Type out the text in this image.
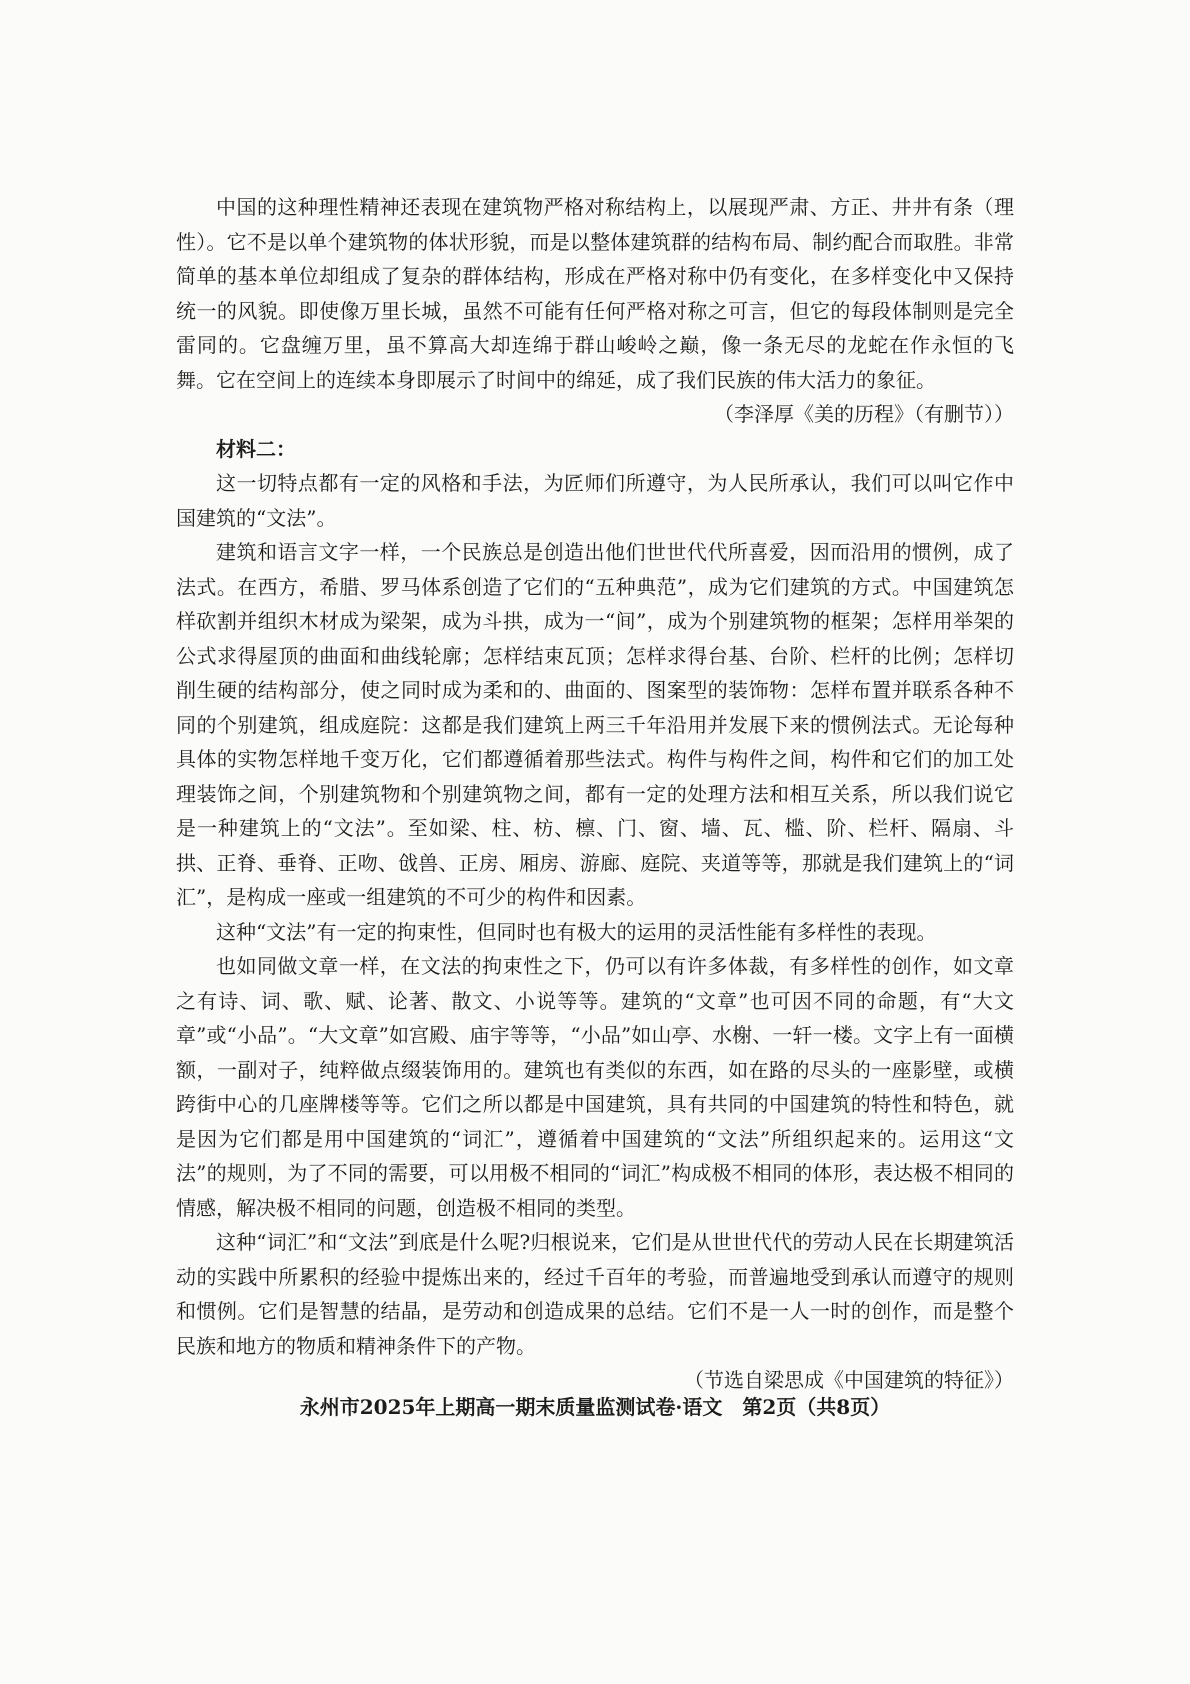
中国的这种理性精神还表现在建筑物严格对称结构上，以展现严肃、方正、井井有条（理性）。它不是以单个建筑物的体状形貌，而是以整体建筑群的结构布局、制约配合而取胜。非常简单的基本单位却组成了复杂的群体结构，形成在严格对称中仍有变化，在多样变化中又保持统一的风貌。即使像万里长城，虽然不可能有任何严格对称之可言，但它的每段体制则是完全雷同的。它盘缠万里，虽不算高大却连绵于群山峻岭之巅，像一条无尽的龙蛇在作永恒的飞舞。它在空间上的连续本身即展示了时间中的绵延，成了我们民族的伟大活力的象征。

（李泽厚《美的历程》（有删节））

材料二：

这一切特点都有一定的风格和手法，为匠师们所遵守，为人民所承认，我们可以叫它作中国建筑的“文法”。

建筑和语言文字一样，一个民族总是创造出他们世世代代所喜爱，因而沿用的惯例，成了法式。在西方，希腊、罗马体系创造了它们的“五种典范”，成为它们建筑的方式。中国建筑怎样砍割并组织木材成为梁架，成为斗拱，成为一“间”，成为个别建筑物的框架；怎样用举架的公式求得屋顶的曲面和曲线轮廓；怎样结束瓦顶；怎样求得台基、台阶、栏杆的比例；怎样切削生硬的结构部分，使之同时成为柔和的、曲面的、图案型的装饰物：怎样布置并联系各种不同的个别建筑，组成庭院：这都是我们建筑上两三千年沿用并发展下来的惯例法式。无论每种具体的实物怎样地千变万化，它们都遵循着那些法式。构件与构件之间，构件和它们的加工处理装饰之间，个别建筑物和个别建筑物之间，都有一定的处理方法和相互关系，所以我们说它是一种建筑上的“文法”。至如梁、柱、枋、檩、门、窗、墙、瓦、槛、阶、栏杆、隔扇、斗拱、正脊、垂脊、正吻、戗兽、正房、厢房、游廊、庭院、夹道等等，那就是我们建筑上的“词汇”，是构成一座或一组建筑的不可少的构件和因素。

这种“文法”有一定的拘束性，但同时也有极大的运用的灵活性能有多样性的表现。

也如同做文章一样，在文法的拘束性之下，仍可以有许多体裁，有多样性的创作，如文章之有诗、词、歌、赋、论著、散文、小说等等。建筑的“文章”也可因不同的命题，有“大文章”或“小品”。“大文章”如宫殿、庙宇等等，“小品”如山亭、水榭、一轩一楼。文字上有一面横额，一副对子，纯粹做点缀装饰用的。建筑也有类似的东西，如在路的尽头的一座影壁，或横跨街中心的几座牌楼等等。它们之所以都是中国建筑，具有共同的中国建筑的特性和特色，就是因为它们都是用中国建筑的“词汇”，遵循着中国建筑的“文法”所组织起来的。运用这“文法”的规则，为了不同的需要，可以用极不相同的“词汇”构成极不相同的体形，表达极不相同的情感，解决极不相同的问题，创造极不相同的类型。

这种“词汇”和“文法”到底是什么呢?归根说来，它们是从世世代代的劳动人民在长期建筑活动的实践中所累积的经验中提炼出来的，经过千百年的考验，而普遍地受到承认而遵守的规则和惯例。它们是智慧的结晶，是劳动和创造成果的总结。它们不是一人一时的创作，而是整个民族和地方的物质和精神条件下的产物。

（节选自梁思成《中国建筑的特征》）

永州市2025年上期高一期末质量监测试卷·语文　第2页（共8页）
